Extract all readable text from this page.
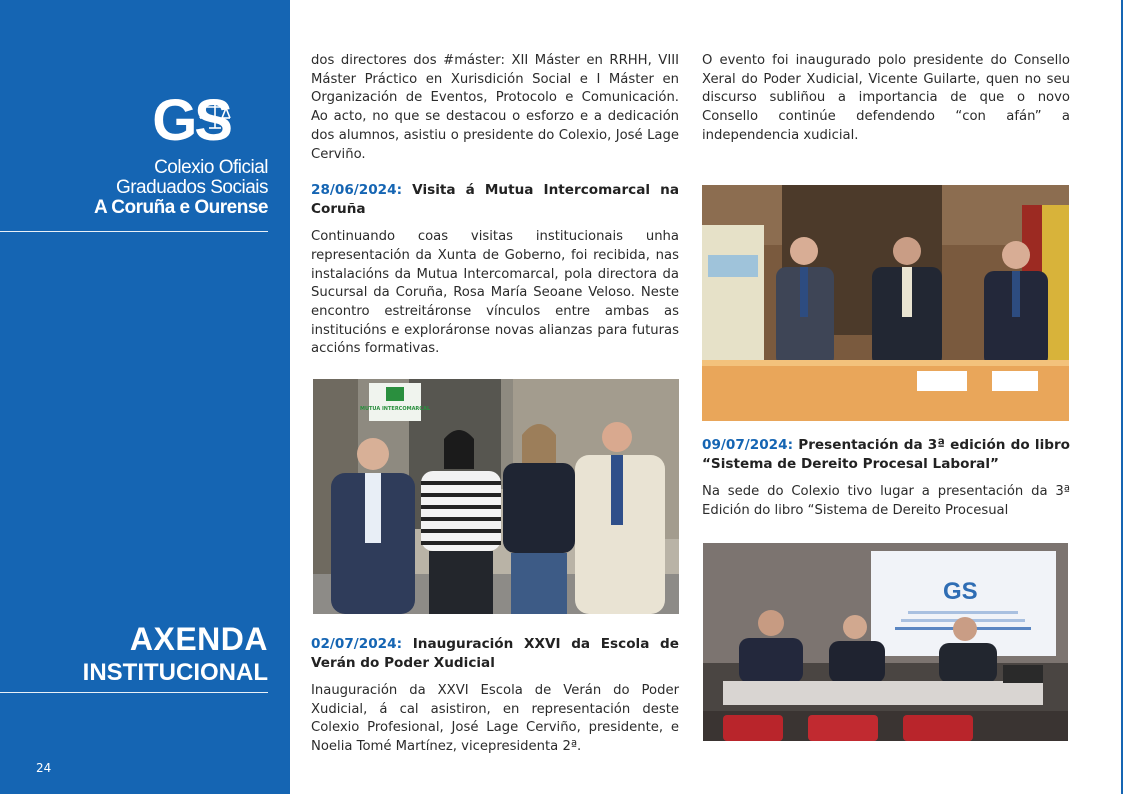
GS
Colexio Oficial
Graduados Sociais
A Coruña e Ourense
AXENDA
INSTITUCIONAL
24

dos directores dos #máster: XII Máster en RRHH, VIII Máster Práctico en Xurisdición Social e I Máster en Organización de Eventos, Protocolo e Comunicación. Ao acto, no que se destacou o esforzo e a dedicación dos alumnos, asistiu o presidente do Colexio, José Lage Cerviño.

28/06/2024: Visita á Mutua Intercomarcal na Coruña

Continuando coas visitas institucionais unha representación da Xunta de Goberno, foi recibida, nas instalacións da Mutua Intercomarcal, pola directora da Sucursal da Coruña, Rosa María Seoane Veloso. Neste encontro estreitáronse vínculos entre ambas as institucións e exploráronse novas alianzas para futuras accións formativas.

MUTUA INTERCOMARCAL
02/07/2024: Inauguración XXVI da Escola de Verán do Poder Xudicial

Inauguración da XXVI Escola de Verán do Poder Xudicial, á cal asistiron, en representación deste Colexio Profesional, José Lage Cerviño, presidente, e Noelia Tomé Martínez, vicepresidenta 2ª.

O evento foi inaugurado polo presidente do Consello Xeral do Poder Xudicial, Vicente Guilarte, quen no seu discurso subliñou a importancia de que o novo Consello continúe defendendo “con afán” a independencia xudicial.

09/07/2024: Presentación da 3ª edición do libro “Sistema de Dereito Procesal Laboral”

Na sede do Colexio tivo lugar a presentación da 3ª Edición do libro “Sistema de Dereito Procesual

GS
